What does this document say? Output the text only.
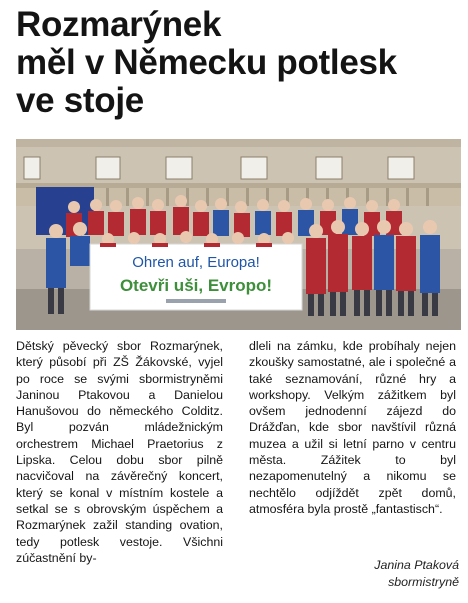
Rozmarýnek
měl v Německu potlesk
ve stoje
Ohren auf, Europa!
Otevři uši, Evropo!

Dětský pěvecký sbor Rozmarýnek, který působí při ZŠ Žákovské, vyjel po roce se svými sbormistryněmi Janinou Ptakovou a Danielou Hanušovou do německého Colditz. Byl pozván mládežnickým orchestrem Michael Praetorius z Lipska. Celou dobu sbor pilně nacvičoval na závěrečný koncert, který se konal v místním kostele a setkal se s obrovským úspěchem a Rozmarýnek zažil standing ovation, tedy potlesk vestoje. Všichni zúčastnění by-

dleli na zámku, kde probíhaly nejen zkoušky samostatné, ale i společné a také seznamování, různé hry a workshopy. Velkým zážitkem byl ovšem jednodenní zájezd do Drážďan, kde sbor navštívil různá muzea a užil si letní parno v centru města. Zážitek to byl nezapomenutelný a nikomu se nechtělo odjíždět zpět domů, atmosféra byla prostě „fantastisch“.

Janina Ptaková
sbormistryně
